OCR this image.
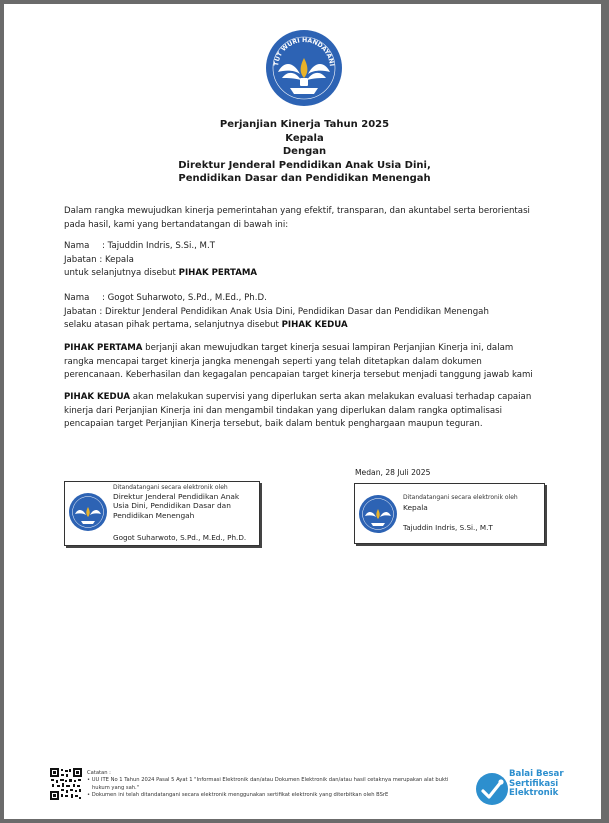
TUT WURI HANDAYANI
Perjanjian Kinerja Tahun 2025
Kepala
Dengan
Direktur Jenderal Pendidikan Anak Usia Dini,
Pendidikan Dasar dan Pendidikan Menengah
Dalam rangka mewujudkan kinerja pemerintahan yang efektif, transparan, dan akuntabel serta berorientasi
pada hasil, kami yang bertandatangan di bawah ini:
Nama : Tajuddin Indris, S.Si., M.T
Jabatan : Kepala
untuk selanjutnya disebut PIHAK PERTAMA
Nama : Gogot Suharwoto, S.Pd., M.Ed., Ph.D.
Jabatan : Direktur Jenderal Pendidikan Anak Usia Dini, Pendidikan Dasar dan Pendidikan Menengah
selaku atasan pihak pertama, selanjutnya disebut PIHAK KEDUA
PIHAK PERTAMA berjanji akan mewujudkan target kinerja sesuai lampiran Perjanjian Kinerja ini, dalam
rangka mencapai target kinerja jangka menengah seperti yang telah ditetapkan dalam dokumen
perencanaan. Keberhasilan dan kegagalan pencapaian target kinerja tersebut menjadi tanggung jawab kami
PIHAK KEDUA akan melakukan supervisi yang diperlukan serta akan melakukan evaluasi terhadap capaian
kinerja dari Perjanjian Kinerja ini dan mengambil tindakan yang diperlukan dalam rangka optimalisasi
pencapaian target Perjanjian Kinerja tersebut, baik dalam bentuk penghargaan maupun teguran.
Medan, 28 Juli 2025
Ditandatangani secara elektronik oleh
Direktur Jenderal Pendidikan Anak
Usia Dini, Pendidikan Dasar dan
Pendidikan Menengah
Gogot Suharwoto, S.Pd., M.Ed., Ph.D.
Ditandatangani secara elektronik oleh
Kepala
Tajuddin Indris, S.Si., M.T
Catatan :
• UU ITE No 1 Tahun 2024 Pasal 5 Ayat 1 "Informasi Elektronik dan/atau Dokumen Elektronik dan/atau hasil cetaknya merupakan alat bukti
hukum yang sah."
• Dokumen ini telah ditandatangani secara elektronik menggunakan sertifikat elektronik yang diterbitkan oleh BSrE
Balai Besar
Sertifikasi
Elektronik
